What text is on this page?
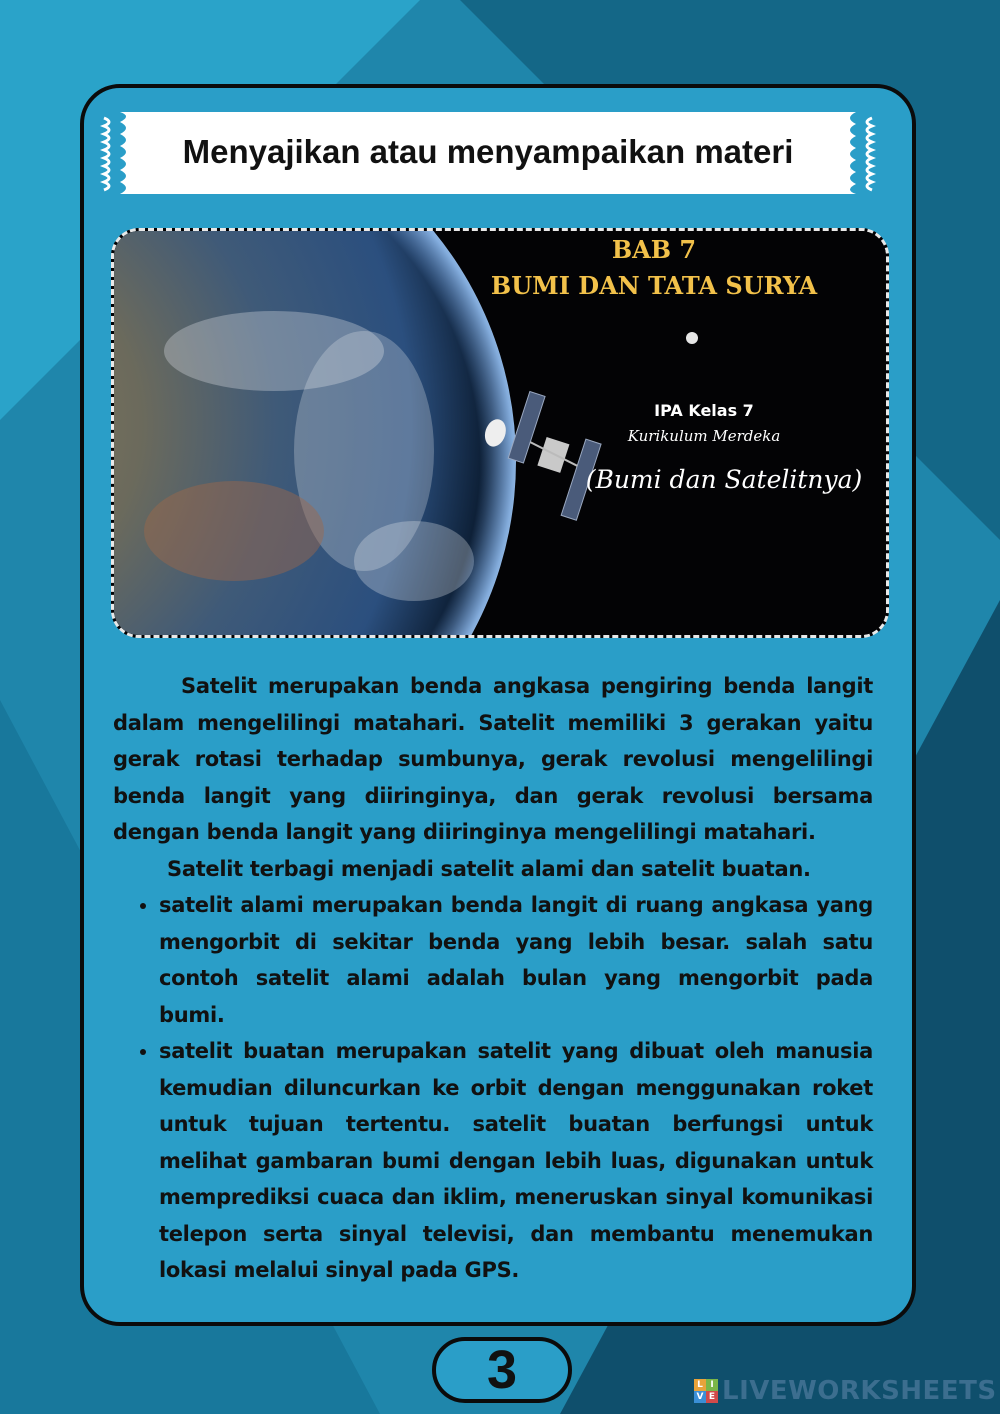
Menyajikan atau menyampaikan materi
BAB 7
BUMI DAN TATA SURYA
IPA Kelas 7
Kurikulum Merdeka
(Bumi dan Satelitnya)

Satelit merupakan benda angkasa pengiring benda langit dalam mengelilingi matahari. Satelit memiliki 3 gerakan yaitu gerak rotasi terhadap sumbunya, gerak revolusi mengelilingi benda langit yang diiringinya, dan gerak revolusi bersama dengan benda langit yang diiringinya mengelilingi matahari.

Satelit terbagi menjadi satelit alami dan satelit buatan.

• satelit alami merupakan benda langit di ruang angkasa yang mengorbit di sekitar benda yang lebih besar. salah satu contoh satelit alami adalah bulan yang mengorbit pada bumi.
• satelit buatan merupakan satelit yang dibuat oleh manusia kemudian diluncurkan ke orbit dengan menggunakan roket untuk tujuan tertentu. satelit buatan berfungsi untuk melihat gambaran bumi dengan lebih luas, digunakan untuk memprediksi cuaca dan iklim, meneruskan sinyal komunikasi telepon serta sinyal televisi, dan membantu menemukan lokasi melalui sinyal pada GPS.
3	L I
V E LIVEWORKSHEETS
